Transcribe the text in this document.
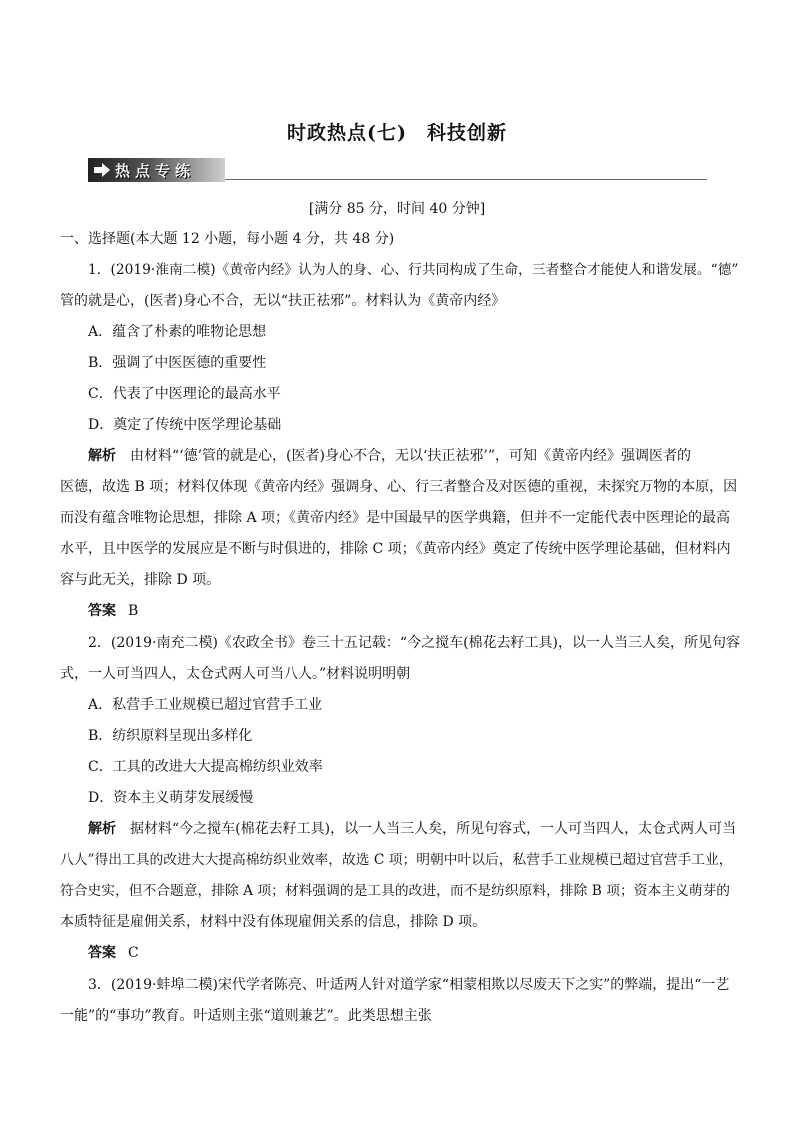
时政热点(七) 科技创新
热点专练
[满分 85 分，时间 40 分钟]
一、选择题(本大题 12 小题，每小题 4 分，共 48 分)
1．(2019·淮南二模)《黄帝内经》认为人的身、心、行共同构成了生命，三者整合才能使人和谐发展。“德”
管的就是心，(医者)身心不合，无以“扶正祛邪”。材料认为《黄帝内经》
A．蕴含了朴素的唯物论思想
B．强调了中医医德的重要性
C．代表了中医理论的最高水平
D．奠定了传统中医学理论基础
解析 由材料“‘德’管的就是心，(医者)身心不合，无以‘扶正祛邪’”，可知《黄帝内经》强调医者的
医德，故选 B 项；材料仅体现《黄帝内经》强调身、心、行三者整合及对医德的重视，未探究万物的本原，因
而没有蕴含唯物论思想，排除 A 项；《黄帝内经》是中国最早的医学典籍，但并不一定能代表中医理论的最高
水平，且中医学的发展应是不断与时俱进的，排除 C 项；《黄帝内经》奠定了传统中医学理论基础，但材料内
容与此无关，排除 D 项。
答案 B
2．(2019·南充二模)《农政全书》卷三十五记载：“今之搅车(棉花去籽工具)，以一人当三人矣，所见句容
式，一人可当四人，太仓式两人可当八人。”材料说明明朝
A．私营手工业规模已超过官营手工业
B．纺织原料呈现出多样化
C．工具的改进大大提高棉纺织业效率
D．资本主义萌芽发展缓慢
解析 据材料“今之搅车(棉花去籽工具)，以一人当三人矣，所见句容式，一人可当四人，太仓式两人可当
八人”得出工具的改进大大提高棉纺织业效率，故选 C 项；明朝中叶以后，私营手工业规模已超过官营手工业，
符合史实，但不合题意，排除 A 项；材料强调的是工具的改进，而不是纺织原料，排除 B 项；资本主义萌芽的
本质特征是雇佣关系，材料中没有体现雇佣关系的信息，排除 D 项。
答案 C
3．(2019·蚌埠二模)宋代学者陈亮、叶适两人针对道学家“相蒙相欺以尽废天下之实”的弊端，提出“一艺
一能”的“事功”教育。叶适则主张“道则兼艺”。此类思想主张
